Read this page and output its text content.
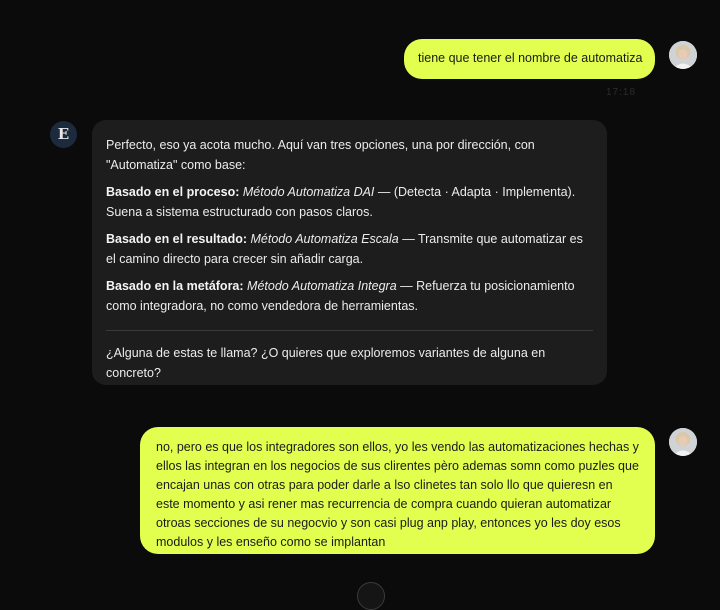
tiene que tener el nombre de automatiza
17:18
E

Perfecto, eso ya acota mucho. Aquí van tres opciones, una por dirección, con "Automatiza" como base:

Basado en el proceso: Método Automatiza DAI — (Detecta · Adapta · Implementa). Suena a sistema estructurado con pasos claros.

Basado en el resultado: Método Automatiza Escala — Transmite que automatizar es el camino directo para crecer sin añadir carga.

Basado en la metáfora: Método Automatiza Integra — Refuerza tu posicionamiento como integradora, no como vendedora de herramientas.

¿Alguna de estas te llama? ¿O quieres que exploremos variantes de alguna en concreto?

no, pero es que los integradores son ellos, yo les vendo las automatizaciones hechas y ellos las integran en los negocios de sus clirentes pèro ademas somn como puzles que encajan unas con otras para poder darle a lso clinetes tan solo llo que quieresn en este momento y asi rener mas recurrencia de compra cuando quieran automatizar otroas secciones de su negocvio y son casi plug anp play, entonces yo les doy esos modulos y les enseño como se implantan
